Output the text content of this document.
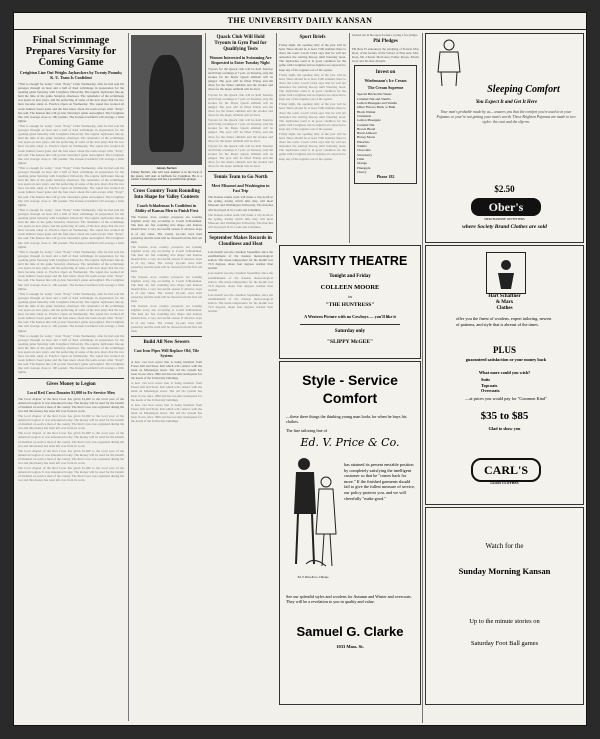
THE UNIVERSITY DAILY KANSAN
Final Scrimmage Prepares Varsity for Coming Game
Creighton Line Out Weighs Jayhawkers by Twenty Pounds; K. U. Team Is Confident

"That is enough for today," cried "Potsy" Clark Wednesday, after he had sent his proteges through an hour and a half of hard scrimmage in preparation for the opening game Saturday with Creighton University. The regular Jayhawker line-up held the time of the game Saturday afternoon. The remainder of the scrimmage was spent on new plays, and the perfecting of some of the new plays that the two have become adept at. Practice Open on Wednesday. The squad has worked all week behind closed gates and the fans knew about the team except what "Potsy" has said. The Kansas line will go into Saturday's game outweighed. The Creighton line will average close to 190 pounds. The Kansas backfield will average a little lighter.

"That is enough for today," cried "Potsy" Clark Wednesday, after he had sent his proteges through an hour and a half of hard scrimmage in preparation for the opening game Saturday with Creighton University. The regular Jayhawker line-up held the time of the game Saturday afternoon. The remainder of the scrimmage was spent on new plays, and the perfecting of some of the new plays that the two have become adept at. Practice Open on Wednesday. The squad has worked all week behind closed gates and the fans knew about the team except what "Potsy" has said. The Kansas line will go into Saturday's game outweighed. The Creighton line will average close to 190 pounds. The Kansas backfield will average a little lighter.

"That is enough for today," cried "Potsy" Clark Wednesday, after he had sent his proteges through an hour and a half of hard scrimmage in preparation for the opening game Saturday with Creighton University. The regular Jayhawker line-up held the time of the game Saturday afternoon. The remainder of the scrimmage was spent on new plays, and the perfecting of some of the new plays that the two have become adept at. Practice Open on Wednesday. The squad has worked all week behind closed gates and the fans knew about the team except what "Potsy" has said. The Kansas line will go into Saturday's game outweighed. The Creighton line will average close to 190 pounds. The Kansas backfield will average a little lighter.

"That is enough for today," cried "Potsy" Clark Wednesday, after he had sent his proteges through an hour and a half of hard scrimmage in preparation for the opening game Saturday with Creighton University. The regular Jayhawker line-up held the time of the game Saturday afternoon. The remainder of the scrimmage was spent on new plays, and the perfecting of some of the new plays that the two have become adept at. Practice Open on Wednesday. The squad has worked all week behind closed gates and the fans knew about the team except what "Potsy" has said. The Kansas line will go into Saturday's game outweighed. The Creighton line will average close to 190 pounds. The Kansas backfield will average a little lighter.

"That is enough for today," cried "Potsy" Clark Wednesday, after he had sent his proteges through an hour and a half of hard scrimmage in preparation for the opening game Saturday with Creighton University. The regular Jayhawker line-up held the time of the game Saturday afternoon. The remainder of the scrimmage was spent on new plays, and the perfecting of some of the new plays that the two have become adept at. Practice Open on Wednesday. The squad has worked all week behind closed gates and the fans knew about the team except what "Potsy" has said. The Kansas line will go into Saturday's game outweighed. The Creighton line will average close to 190 pounds. The Kansas backfield will average a little lighter.

"That is enough for today," cried "Potsy" Clark Wednesday, after he had sent his proteges through an hour and a half of hard scrimmage in preparation for the opening game Saturday with Creighton University. The regular Jayhawker line-up held the time of the game Saturday afternoon. The remainder of the scrimmage was spent on new plays, and the perfecting of some of the new plays that the two have become adept at. Practice Open on Wednesday. The squad has worked all week behind closed gates and the fans knew about the team except what "Potsy" has said. The Kansas line will go into Saturday's game outweighed. The Creighton line will average close to 190 pounds. The Kansas backfield will average a little lighter.

"That is enough for today," cried "Potsy" Clark Wednesday, after he had sent his proteges through an hour and a half of hard scrimmage in preparation for the opening game Saturday with Creighton University. The regular Jayhawker line-up held the time of the game Saturday afternoon. The remainder of the scrimmage was spent on new plays, and the perfecting of some of the new plays that the two have become adept at. Practice Open on Wednesday. The squad has worked all week behind closed gates and the fans knew about the team except what "Potsy" has said. The Kansas line will go into Saturday's game outweighed. The Creighton line will average close to 190 pounds. The Kansas backfield will average a little lighter.

Gives Money to Legion
Local Red Cross Donates $1,000 to Ex-Service Men

The local chapter of the Red Cross has given $1,000 to the local post of the American Legion. It was announced today. The money will be used for the benefit of disabled ex-service men of the county. The Red Cross was organized during the war and this money has been left over from its work.

The local chapter of the Red Cross has given $1,000 to the local post of the American Legion. It was announced today. The money will be used for the benefit of disabled ex-service men of the county. The Red Cross was organized during the war and this money has been left over from its work.

The local chapter of the Red Cross has given $1,000 to the local post of the American Legion. It was announced today. The money will be used for the benefit of disabled ex-service men of the county. The Red Cross was organized during the war and this money has been left over from its work.

The local chapter of the Red Cross has given $1,000 to the local post of the American Legion. It was announced today. The money will be used for the benefit of disabled ex-service men of the county. The Red Cross was organized during the war and this money has been left over from its work.

The local chapter of the Red Cross has given $1,000 to the local post of the American Legion. It was announced today. The money will be used for the benefit of disabled ex-service men of the county. The Red Cross was organized during the war and this money has been left over from its work.

Johnny Bartlett

Johnny Bartlett, who will wear number 4 on the back of his jersey, will start at halfback for Creighton. He is a former Cornell player and has a powerful line-plunger.

Cross Country Team Rounding Into Shape for Valley Contests
Coach Schlademan Is Confident in Ability of Kansas Men to Finish First

The Kansas cross country prospects are looking brighter every day according to Coach Schlademan. The men are fast rounding into shape and Kansas should have a very successful season if advance dope is of any value. The varsity try-outs were held yesterday and the team will be chosen from the first ten men.

The Kansas cross country prospects are looking brighter every day according to Coach Schlademan. The men are fast rounding into shape and Kansas should have a very successful season if advance dope is of any value. The varsity try-outs were held yesterday and the team will be chosen from the first ten men.

The Kansas cross country prospects are looking brighter every day according to Coach Schlademan. The men are fast rounding into shape and Kansas should have a very successful season if advance dope is of any value. The varsity try-outs were held yesterday and the team will be chosen from the first ten men.

The Kansas cross country prospects are looking brighter every day according to Coach Schlademan. The men are fast rounding into shape and Kansas should have a very successful season if advance dope is of any value. The varsity try-outs were held yesterday and the team will be chosen from the first ten men.

Build All New Sewers
Cast Iron Pipes Will Replace Old, Tile System

A new cast iron sewer line is being installed from Fraser hall and Snow hall which will connect with the main on Mississippi street. The old tile system has been in use since 1890 and has become inadequate for the needs of the University buildings.

A new cast iron sewer line is being installed from Fraser hall and Snow hall which will connect with the main on Mississippi street. The old tile system has been in use since 1890 and has become inadequate for the needs of the University buildings.

A new cast iron sewer line is being installed from Fraser hall and Snow hall which will connect with the main on Mississippi street. The old tile system has been in use since 1890 and has become inadequate for the needs of the University buildings.

Quack Club Will Hold Tryouts in Gym Pool for Qualifying Tests
Women Interested in Swimming Are Requested to Enter Tuesday Night

Tryouts for the Quack club will be held Tuesday and Friday evenings at 7 p.m. on Tuesday, only the strokes for the Major Quack emblem will be judged. The pool will be filled Friday and the dives for the minor emblem and the strokes and dives for the major emblem will be tried.

Tryouts for the Quack club will be held Tuesday and Friday evenings at 7 p.m. on Tuesday, only the strokes for the Major Quack emblem will be judged. The pool will be filled Friday and the dives for the minor emblem and the strokes and dives for the major emblem will be tried.

Tryouts for the Quack club will be held Tuesday and Friday evenings at 7 p.m. on Tuesday, only the strokes for the Major Quack emblem will be judged. The pool will be filled Friday and the dives for the minor emblem and the strokes and dives for the major emblem will be tried.

Tryouts for the Quack club will be held Tuesday and Friday evenings at 7 p.m. on Tuesday, only the strokes for the Major Quack emblem will be judged. The pool will be filled Friday and the dives for the minor emblem and the strokes and dives for the major emblem will be tried.

Tennis Team to Go North
Meet Missouri and Washington in Fast Trip

The Kansas tennis team will make a trip north in the spring, during which time they will meet Missouri and Washington University. The matches will be played in St. Louis and Columbia.

The Kansas tennis team will make a trip north in the spring, during which time they will meet Missouri and Washington University. The matches will be played in St. Louis and Columbia.

September Makes Records in Cloudiness and Heat

Last month was the cloudiest September since the establishment of the Kansas meteorological station. The mean temperature for the month was 72.8 degrees, about four degrees warmer than normal.

Last month was the cloudiest September since the establishment of the Kansas meteorological station. The mean temperature for the month was 72.8 degrees, about four degrees warmer than normal.

Last month was the cloudiest September since the establishment of the Kansas meteorological station. The mean temperature for the month was 72.8 degrees, about four degrees warmer than normal.

Sport Briefs

Friday night, the opening rally of the year will be held. There should be at least 1500 students there to cheer the team. Coach Clark says that he will not announce the starting line-up until Saturday noon. The Jayhawker team is in good condition for the game with Creighton and no injuries are expected to keep any of the regulars out of the opener.

Friday night, the opening rally of the year will be held. There should be at least 1500 students there to cheer the team. Coach Clark says that he will not announce the starting line-up until Saturday noon. The Jayhawker team is in good condition for the game with Creighton and no injuries are expected to keep any of the regulars out of the opener.

Friday night, the opening rally of the year will be held. There should be at least 1500 students there to cheer the team. Coach Clark says that he will not announce the starting line-up until Saturday noon. The Jayhawker team is in good condition for the game with Creighton and no injuries are expected to keep any of the regulars out of the opener.

Friday night, the opening rally of the year will be held. There should be at least 1500 students there to cheer the team. Coach Clark says that he will not announce the starting line-up until Saturday noon. The Jayhawker team is in good condition for the game with Creighton and no injuries are expected to keep any of the regulars out of the opener.

backed out in his sport trousers, trying a few jumps.

Phi Pledges

Phi Beta Pi announces the pledging of Francis May Ross, of the faculty of the School of Fine Arts; Mrs. Ross, Mr. Chester MacLaren, Esther Roops, Edwin Gray and Dr. Rex Abrams.

Invest on
Wiedemann's Ice Cream
The Cream Supreme
Special Bricks this Week:
Caramel Nut and Vanilla
Lemon Pineapple and Vanilla
Other Flavors Brick or Bulk
Black Walnut
Cinnamon
Lemon Pineapple
Caramel Nut
Brown Bread
Burnt Almond
Honey Moon
Pistachio
Vanilla
Chocolate
Strawberry
Lime
Orange
Pineapple
Cherry
Phone 182
Sleeping Comfort
You Expect It and Get It Here
Your man's probable made by us— assures you that the comfort you're used to in your Pajamas or your're not getting your man's worth. These Brighton Pajamas are made in two styles: the coat and the slip-on.
$2.50
Ober's
MERCHANDISE OUTFITTERS
where Society Brand Clothes are sold
Hart Schaffner
& Marx
Clothes
offer you the finest of woolens, expert tailoring, newest of patterns, and style that is abreast of the times.
PLUS
guaranteed satisfaction or your money back
What more could you wish?
Suits
Topcoats
Overcoats
—at prices you would pay for "Common Kind"
$35 to $85
Glad to show you
CARL'S
GOOD CLOTHES
VARSITY THEATRE
Tonight and Friday
COLLEEN MOORE
in
"THE HUNTRESS"
A Western Picture with no Cowboys — you'll like it
Saturday only
"SLIPPY McGEE"
Style - Service
Comfort
—these three things the thinking young man looks for when he buys his clothes.
The fine tailoring line of
Ed. V. Price & Co.
Ed. V. Price & Co. Chicago
has attained its present enviable position by completely satisfying the intelligent customer so that he "comes back for more." If the finished garments should fail to give the fullest measure of service, our policy protects you, and we will cheerfully "make good."
See our splendid styles and woolens for Autumn and Winter and overcoats. They will be a revelation to you in quality and value.
Samuel G. Clarke
1033 Mass. St.
Watch for the
Sunday Morning Kansan
Up to the minute stories on
Saturday Foot Ball games
